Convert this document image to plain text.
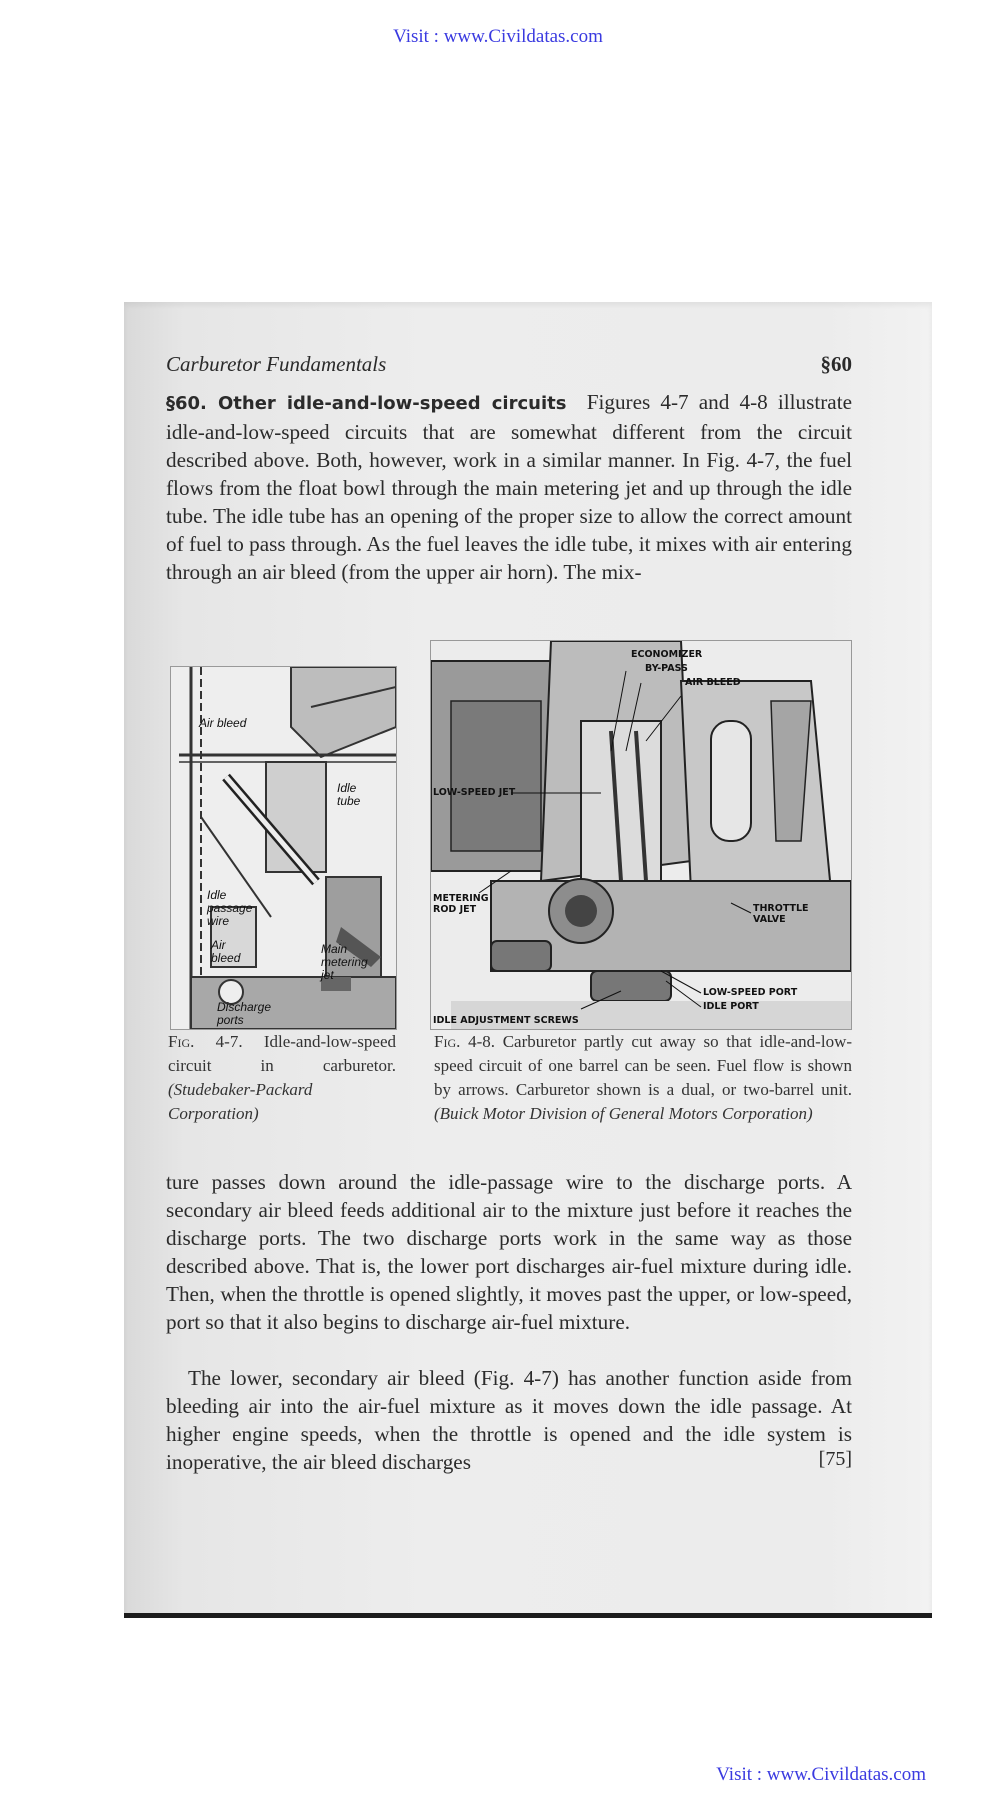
Visit : www.Civildatas.com
Carburetor Fundamentals	§60
§60. Other idle-and-low-speed circuits Figures 4-7 and 4-8 illustrate idle-and-low-speed circuits that are somewhat different from the circuit described above. Both, however, work in a similar manner. In Fig. 4-7, the fuel flows from the float bowl through the main metering jet and up through the idle tube. The idle tube has an opening of the proper size to allow the correct amount of fuel to pass through. As the fuel leaves the idle tube, it mixes with air entering through an air bleed (from the upper air horn). The mix-
Air bleed
Idle tube
Idle passage wire
Air bleed
Main metering jet
Discharge ports
ECONOMIZER
BY-PASS
AIR BLEED
LOW-SPEED JET
METERING ROD JET	THROTTLE VALVE
IDLE ADJUSTMENT SCREWS
LOW-SPEED PORT
IDLE PORT
Fig. 4-7. Idle-and-low-speed circuit in carburetor. (Studebaker-Packard Corporation)
Fig. 4-8. Carburetor partly cut away so that idle-and-low-speed circuit of one barrel can be seen. Fuel flow is shown by arrows. Carburetor shown is a dual, or two-barrel unit. (Buick Motor Division of General Motors Corporation)
ture passes down around the idle-passage wire to the discharge ports. A secondary air bleed feeds additional air to the mixture just before it reaches the discharge ports. The two discharge ports work in the same way as those described above. That is, the lower port discharges air-fuel mixture during idle. Then, when the throttle is opened slightly, it moves past the upper, or low-speed, port so that it also begins to discharge air-fuel mixture.
The lower, secondary air bleed (Fig. 4-7) has another function aside from bleeding air into the air-fuel mixture as it moves down the idle passage. At higher engine speeds, when the throttle is opened and the idle system is inoperative, the air bleed discharges	[75]
Visit : www.Civildatas.com
